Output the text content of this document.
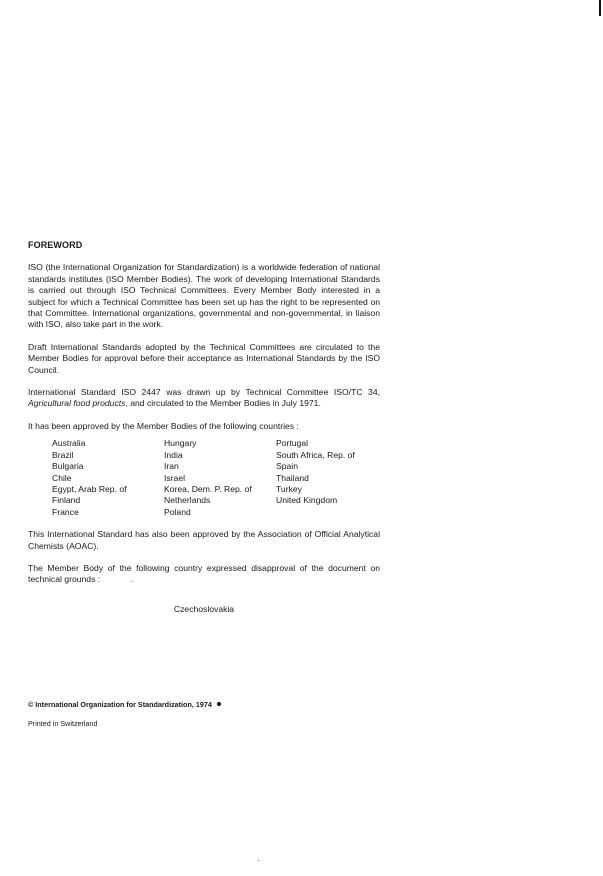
FOREWORD

ISO (the International Organization for Standardization) is a worldwide federation of national standards institutes (ISO Member Bodies). The work of developing International Standards is carried out through ISO Technical Committees. Every Member Body interested in a subject for which a Technical Committee has been set up has the right to be represented on that Committee. International organizations, governmental and non-governmental, in liaison with ISO, also take part in the work.

Draft International Standards adopted by the Technical Committees are circulated to the Member Bodies for approval before their acceptance as International Standards by the ISO Council.

International Standard ISO 2447 was drawn up by Technical Committee ISO/TC 34, Agricultural food products, and circulated to the Member Bodies in July 1971.

It has been approved by the Member Bodies of the following countries :

Australia	Hungary	Portugal
Brazil	India	South Africa, Rep. of
Bulgaria	Iran	Spain
Chile	Israel	Thailand
Egypt, Arab Rep. of	Korea, Dem. P. Rep. of	Turkey
Finland	Netherlands	United Kingdom
France	Poland

This International Standard has also been approved by the Association of Official Analytical Chemists (AOAC).

The Member Body of the following country expressed disapproval of the document on technical grounds :

Czechoslovakia
© International Organization for Standardization, 1974
Printed in Switzerland
